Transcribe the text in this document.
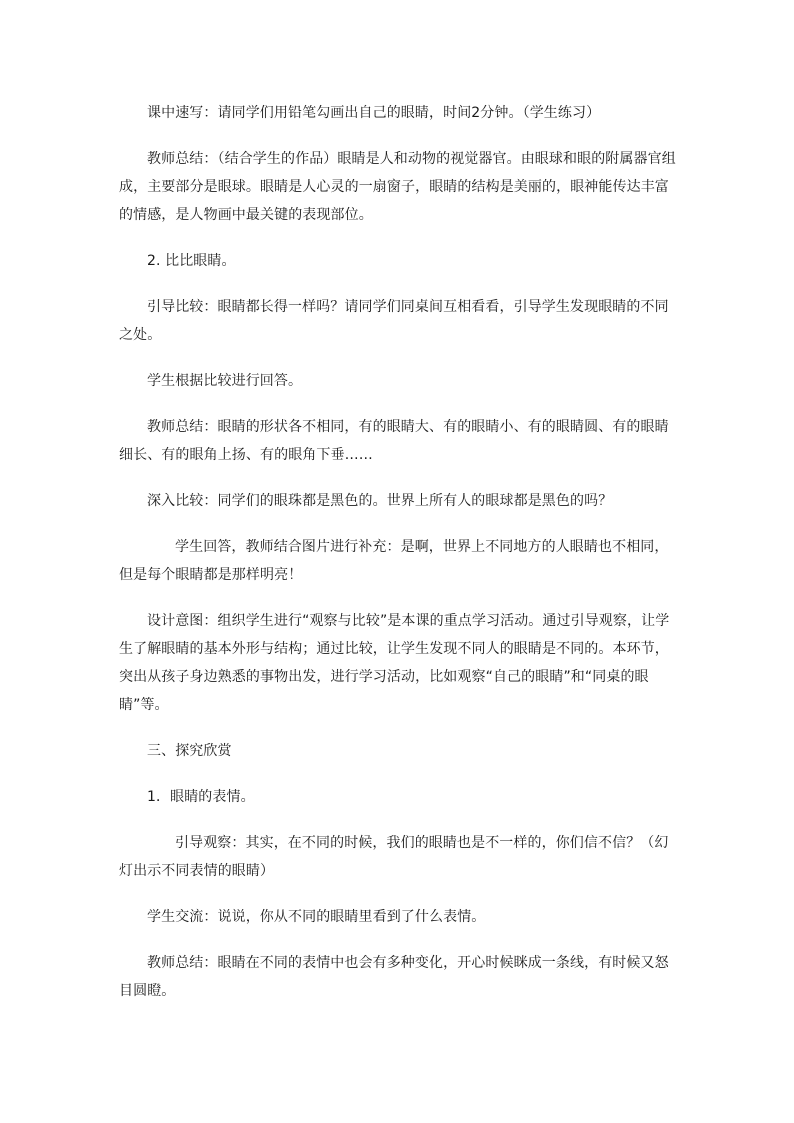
课中速写：请同学们用铅笔勾画出自己的眼睛，时间2分钟。（学生练习）

教师总结：（结合学生的作品）眼睛是人和动物的视觉器官。由眼球和眼的附属器官组成，主要部分是眼球。眼睛是人心灵的一扇窗子，眼睛的结构是美丽的，眼神能传达丰富的情感，是人物画中最关键的表现部位。

2. 比比眼睛。

引导比较：眼睛都长得一样吗？请同学们同桌间互相看看，引导学生发现眼睛的不同之处。

学生根据比较进行回答。

教师总结：眼睛的形状各不相同，有的眼睛大、有的眼睛小、有的眼睛圆、有的眼睛细长、有的眼角上扬、有的眼角下垂……

深入比较：同学们的眼珠都是黑色的。世界上所有人的眼球都是黑色的吗？

学生回答，教师结合图片进行补充：是啊，世界上不同地方的人眼睛也不相同，但是每个眼睛都是那样明亮！

设计意图：组织学生进行“观察与比较”是本课的重点学习活动。通过引导观察，让学生了解眼睛的基本外形与结构；通过比较，让学生发现不同人的眼睛是不同的。本环节，突出从孩子身边熟悉的事物出发，进行学习活动，比如观察“自己的眼睛”和“同桌的眼睛”等。

三、探究欣赏

1．眼睛的表情。

引导观察：其实，在不同的时候，我们的眼睛也是不一样的，你们信不信？（幻灯出示不同表情的眼睛）

学生交流：说说，你从不同的眼睛里看到了什么表情。

教师总结：眼睛在不同的表情中也会有多种变化，开心时候眯成一条线，有时候又怒目圆瞪。
